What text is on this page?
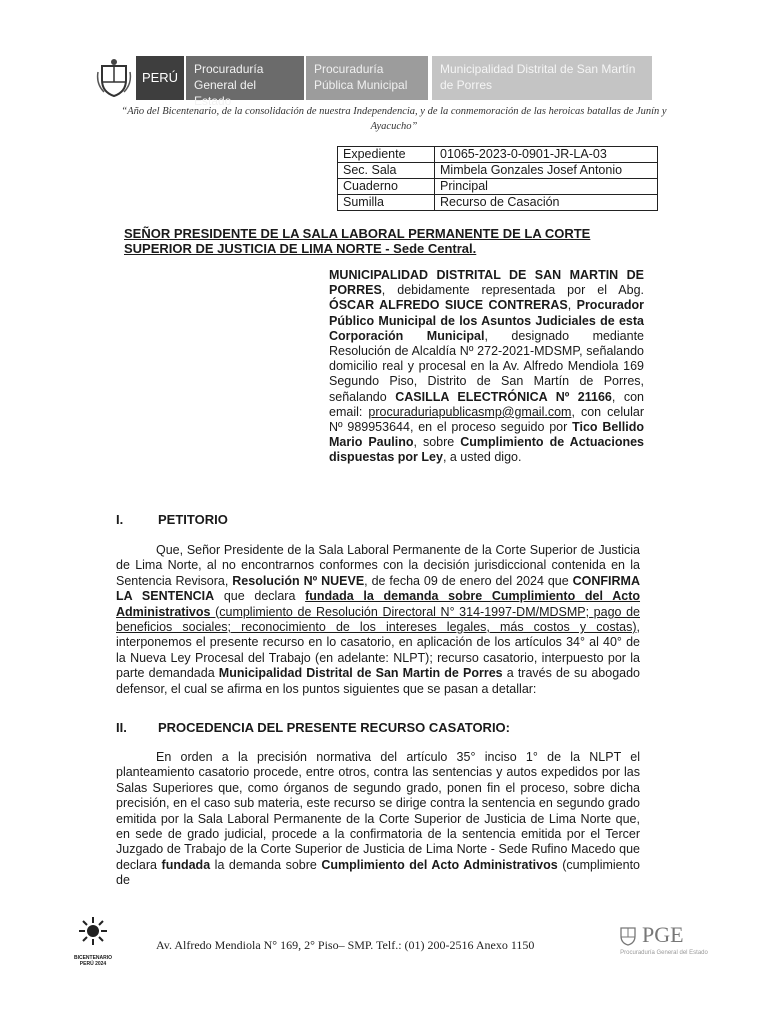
PERÚ
Procuraduría General del Estado
Procuraduría Pública Municipal
Municipalidad Distrital de San Martín de Porres
“Año del Bicentenario, de la consolidación de nuestra Independencia, y de la conmemoración de las heroicas batallas de Junín y Ayacucho”
Expediente	01065-2023-0-0901-JR-LA-03
Sec. Sala	Mimbela Gonzales Josef Antonio
Cuaderno	Principal
Sumilla	Recurso de Casación
SEÑOR PRESIDENTE DE LA SALA LABORAL PERMANENTE DE LA CORTE SUPERIOR DE JUSTICIA DE LIMA NORTE - Sede Central.
MUNICIPALIDAD DISTRITAL DE SAN MARTIN DE PORRES, debidamente representada por el Abg. ÓSCAR ALFREDO SIUCE CONTRERAS, Procurador Público Municipal de los Asuntos Judiciales de esta Corporación Municipal, designado mediante Resolución de Alcaldía Nº 272-2021-MDSMP, señalando domicilio real y procesal en la Av. Alfredo Mendiola 169 Segundo Piso, Distrito de San Martín de Porres, señalando CASILLA ELECTRÓNICA Nº 21166, con email: procuraduriapublicasmp@gmail.com, con celular Nº 989953644, en el proceso seguido por Tico Bellido Mario Paulino, sobre Cumplimiento de Actuaciones dispuestas por Ley, a usted digo.
I.	PETITORIO
Que, Señor Presidente de la Sala Laboral Permanente de la Corte Superior de Justicia de Lima Norte, al no encontrarnos conformes con la decisión jurisdiccional contenida en la Sentencia Revisora, Resolución Nº NUEVE, de fecha 09 de enero del 2024 que CONFIRMA LA SENTENCIA que declara fundada la demanda sobre Cumplimiento del Acto Administrativos (cumplimiento de Resolución Directoral N° 314-1997-DM/MDSMP; pago de beneficios sociales; reconocimiento de los intereses legales, más costos y costas), interponemos el presente recurso en lo casatorio, en aplicación de los artículos 34° al 40° de la Nueva Ley Procesal del Trabajo (en adelante: NLPT); recurso casatorio, interpuesto por la parte demandada Municipalidad Distrital de San Martin de Porres a través de su abogado defensor, el cual se afirma en los puntos siguientes que se pasan a detallar:
II. PROCEDENCIA DEL PRESENTE RECURSO CASATORIO:
En orden a la precisión normativa del artículo 35° inciso 1° de la NLPT el planteamiento casatorio procede, entre otros, contra las sentencias y autos expedidos por las Salas Superiores que, como órganos de segundo grado, ponen fin el proceso, sobre dicha precisión, en el caso sub materia, este recurso se dirige contra la sentencia en segundo grado emitida por la Sala Laboral Permanente de la Corte Superior de Justicia de Lima Norte que, en sede de grado judicial, procede a la confirmatoria de la sentencia emitida por el Tercer Juzgado de Trabajo de la Corte Superior de Justicia de Lima Norte - Sede Rufino Macedo que declara fundada la demanda sobre Cumplimiento del Acto Administrativos (cumplimiento de
BICENTENARIO PERÚ 2024
Av. Alfredo Mendiola N° 169, 2° Piso– SMP. Telf.: (01) 200-2516 Anexo 1150	PGE
Procuraduría General del Estado
